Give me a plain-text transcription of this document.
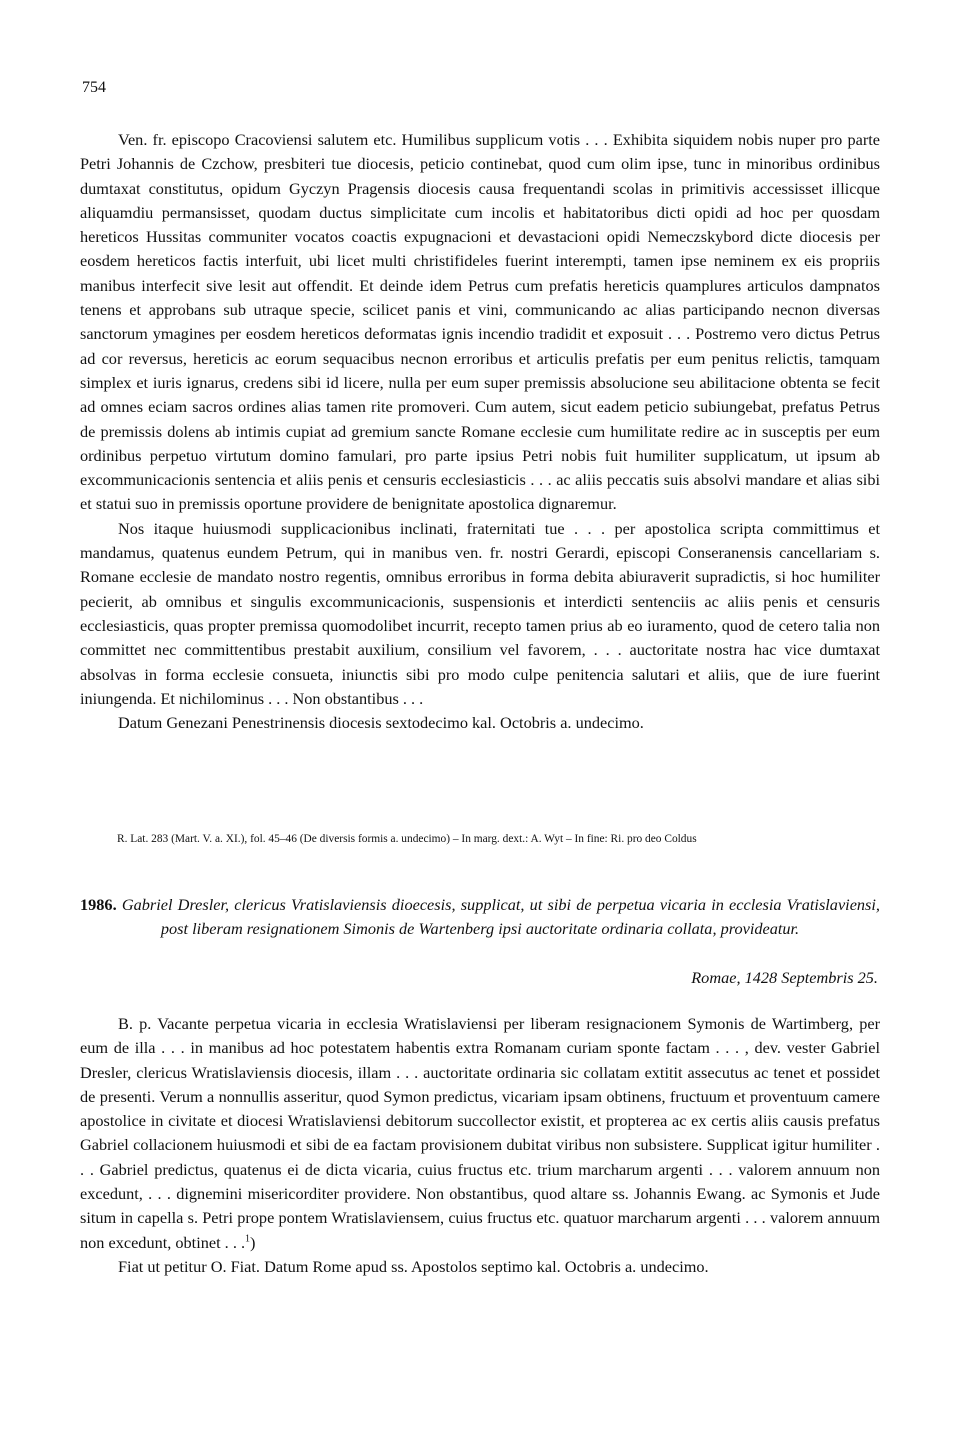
754

Ven. fr. episcopo Cracoviensi salutem etc. Humilibus supplicum votis . . . Exhibita siquidem nobis nuper pro parte Petri Johannis de Czchow, presbiteri tue diocesis, peticio continebat, quod cum olim ipse, tunc in minoribus ordinibus dumtaxat constitutus, opidum Gyczyn Pragensis diocesis causa frequentandi scolas in primitivis accessisset illicque aliquamdiu permansisset, quodam ductus simplicitate cum incolis et habitatoribus dicti opidi ad hoc per quosdam hereticos Hussitas communiter vocatos coactis expugnacioni et devastacioni opidi Nemeczskybord dicte diocesis per eosdem hereticos factis interfuit, ubi licet multi christifideles fuerint interempti, tamen ipse neminem ex eis propriis manibus interfecit sive lesit aut offendit. Et deinde idem Petrus cum prefatis hereticis quamplures articulos dampnatos tenens et approbans sub utraque specie, scilicet panis et vini, communicando ac alias participando necnon diversas sanctorum ymagines per eosdem hereticos deformatas ignis incendio tradidit et exposuit . . . Postremo vero dictus Petrus ad cor reversus, hereticis ac eorum sequacibus necnon erroribus et articulis prefatis per eum penitus relictis, tamquam simplex et iuris ignarus, credens sibi id licere, nulla per eum super premissis absolucione seu abilitacione obtenta se fecit ad omnes eciam sacros ordines alias tamen rite promoveri. Cum autem, sicut eadem peticio subiungebat, prefatus Petrus de premissis dolens ab intimis cupiat ad gremium sancte Romane ecclesie cum humilitate redire ac in susceptis per eum ordinibus perpetuo virtutum domino famulari, pro parte ipsius Petri nobis fuit humiliter supplicatum, ut ipsum ab excommunicacionis sentencia et aliis penis et censuris ecclesiasticis . . . ac aliis peccatis suis absolvi mandare et alias sibi et statui suo in premissis oportune providere de benignitate apostolica dignaremur.

Nos itaque huiusmodi supplicacionibus inclinati, fraternitati tue . . . per apostolica scripta committimus et mandamus, quatenus eundem Petrum, qui in manibus ven. fr. nostri Gerardi, episcopi Conseranensis cancellariam s. Romane ecclesie de mandato nostro regentis, omnibus erroribus in forma debita abiuraverit supradictis, si hoc humiliter pecierit, ab omnibus et singulis excommunicacionis, suspensionis et interdicti sentenciis ac aliis penis et censuris ecclesiasticis, quas propter premissa quomodolibet incurrit, recepto tamen prius ab eo iuramento, quod de cetero talia non committet nec committentibus prestabit auxilium, consilium vel favorem, . . . auctoritate nostra hac vice dumtaxat absolvas in forma ecclesie consueta, iniunctis sibi pro modo culpe penitencia salutari et aliis, que de iure fuerint iniungenda. Et nichilominus . . . Non obstantibus . . .

Datum Genezani Penestrinensis diocesis sextodecimo kal. Octobris a. undecimo.

R. Lat. 283 (Mart. V. a. XI.), fol. 45–46 (De diversis formis a. undecimo) – In marg. dext.: A. Wyt – In fine: Ri. pro deo Coldus
1986. Gabriel Dresler, clericus Vratislaviensis dioecesis, supplicat, ut sibi de perpetua vicaria in ecclesia Vratislaviensi, post liberam resignationem Simonis de Wartenberg ipsi auctoritate ordinaria collata, provideatur.
Romae, 1428 Septembris 25.

B. p. Vacante perpetua vicaria in ecclesia Wratislaviensi per liberam resignacionem Symonis de Wartimberg, per eum de illa . . . in manibus ad hoc potestatem habentis extra Romanam curiam sponte factam . . . , dev. vester Gabriel Dresler, clericus Wratislaviensis diocesis, illam . . . auctoritate ordinaria sic collatam extitit assecutus ac tenet et possidet de presenti. Verum a nonnullis asseritur, quod Symon predictus, vicariam ipsam obtinens, fructuum et proventuum camere apostolice in civitate et diocesi Wratislaviensi debitorum succollector existit, et propterea ac ex certis aliis causis prefatus Gabriel collacionem huiusmodi et sibi de ea factam provisionem dubitat viribus non subsistere. Supplicat igitur humiliter . . . Gabriel predictus, quatenus ei de dicta vicaria, cuius fructus etc. trium marcharum argenti . . . valorem annuum non excedunt, . . . dignemini misericorditer providere. Non obstantibus, quod altare ss. Johannis Ewang. ac Symonis et Jude situm in capella s. Petri prope pontem Wratislaviensem, cuius fructus etc. quatuor marcharum argenti . . . valorem annuum non excedunt, obtinet . . .$^1$)

Fiat ut petitur O. Fiat. Datum Rome apud ss. Apostolos septimo kal. Octobris a. undecimo.
